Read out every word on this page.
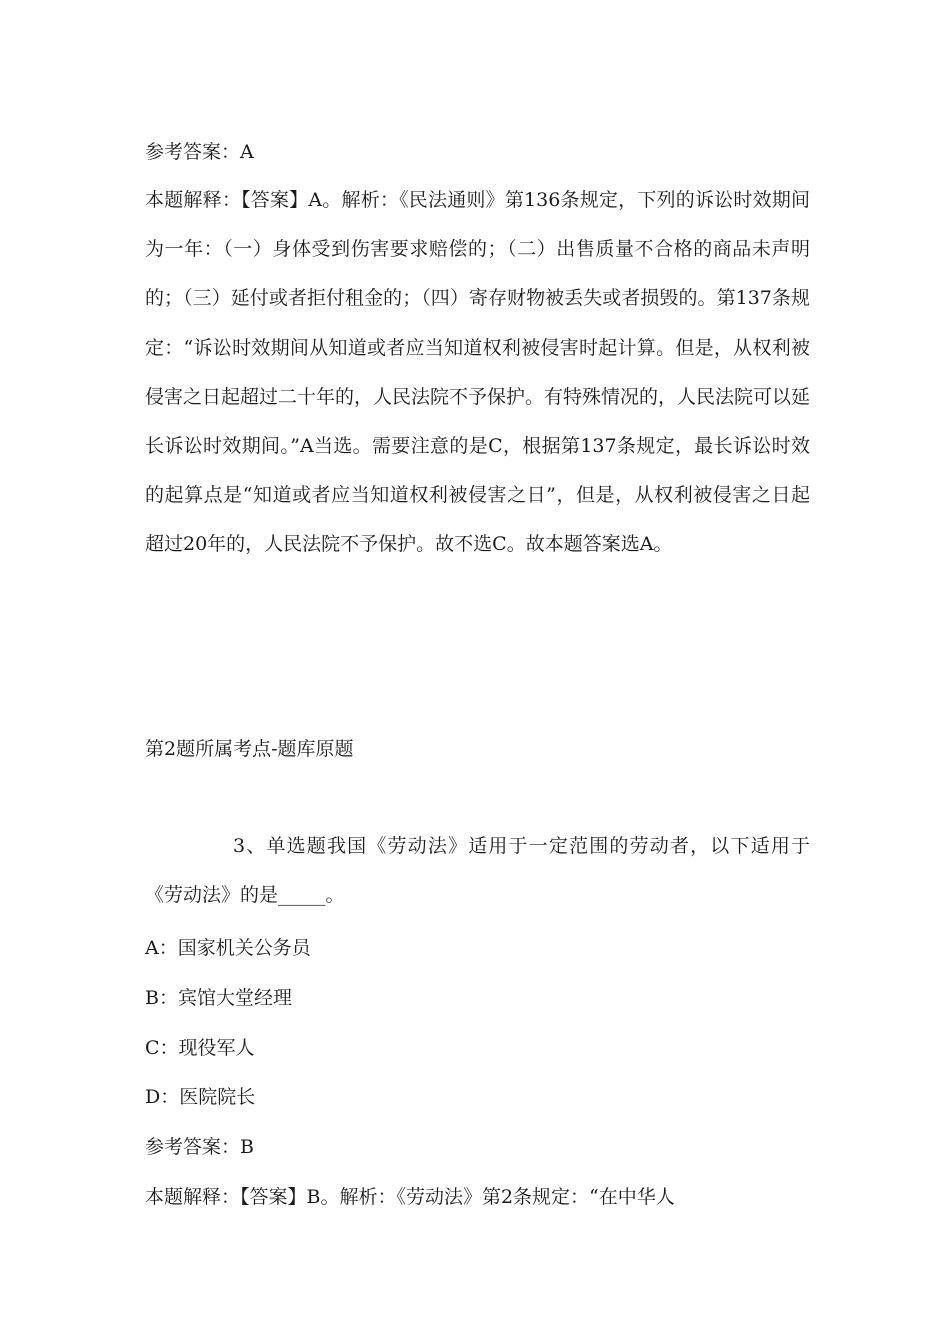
参考答案：A
本题解释：【答案】A。解析：《民法通则》第136条规定，下列的诉讼时效期间为一年：（一）身体受到伤害要求赔偿的；（二）出售质量不合格的商品未声明的；（三）延付或者拒付租金的；（四）寄存财物被丢失或者损毁的。第137条规定：“诉讼时效期间从知道或者应当知道权利被侵害时起计算。但是，从权利被侵害之日起超过二十年的，人民法院不予保护。有特殊情况的，人民法院可以延长诉讼时效期间。”A当选。需要注意的是C，根据第137条规定，最长诉讼时效的起算点是“知道或者应当知道权利被侵害之日”，但是，从权利被侵害之日起超过20年的，人民法院不予保护。故不选C。故本题答案选A。
第2题所属考点-题库原题
3、单选题我国《劳动法》适用于一定范围的劳动者，以下适用于《劳动法》的是_____。
A：国家机关公务员
B：宾馆大堂经理
C：现役军人
D：医院院长
参考答案：B
本题解释：【答案】B。解析：《劳动法》第2条规定：“在中华人
